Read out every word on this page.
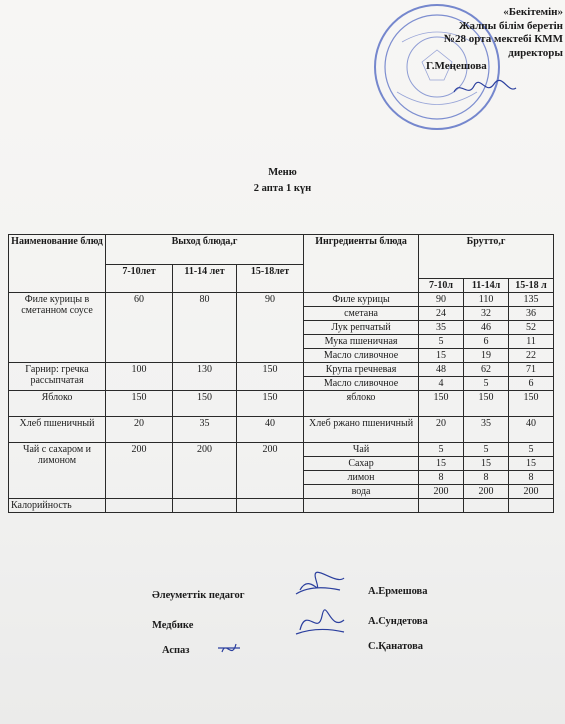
«Бекітемін»
Жалпы білім беретін
№28 орта мектебі КММ
директоры
Г.Меңешова
Меню
2 апта 1 күн
Наименование блюд	Выход блюда,г			Ингредиенты блюда	Брутто,г		
	7-10лет	11-14 лет	15-18лет				
					7-10л	11-14л	15-18 л
Филе курицы в сметанном соусе	60	80	90	Филе курицы	90	110	135
				сметана	24	32	36
				Лук репчатый	35	46	52
				Мука пшеничная	5	6	11
				Масло сливочное	15	19	22
Гарнир: гречка рассыпчатая	100	130	150	Крупа гречневая	48	62	71
				Масло сливочное	4	5	6
Яблоко	150	150	150	яблоко	150	150	150
Хлеб пшеничный	20	35	40	Хлеб ржано пшеничный	20	35	40
Чай с сахаром и лимоном	200	200	200	Чай	5	5	5
				Сахар	15	15	15
				лимон	8	8	8
				вода	200	200	200
Калорийность							
Әлеуметтік педагог	А.Ермешова
Медбике	А.Сундетова
Аспаз	С.Қанатова
